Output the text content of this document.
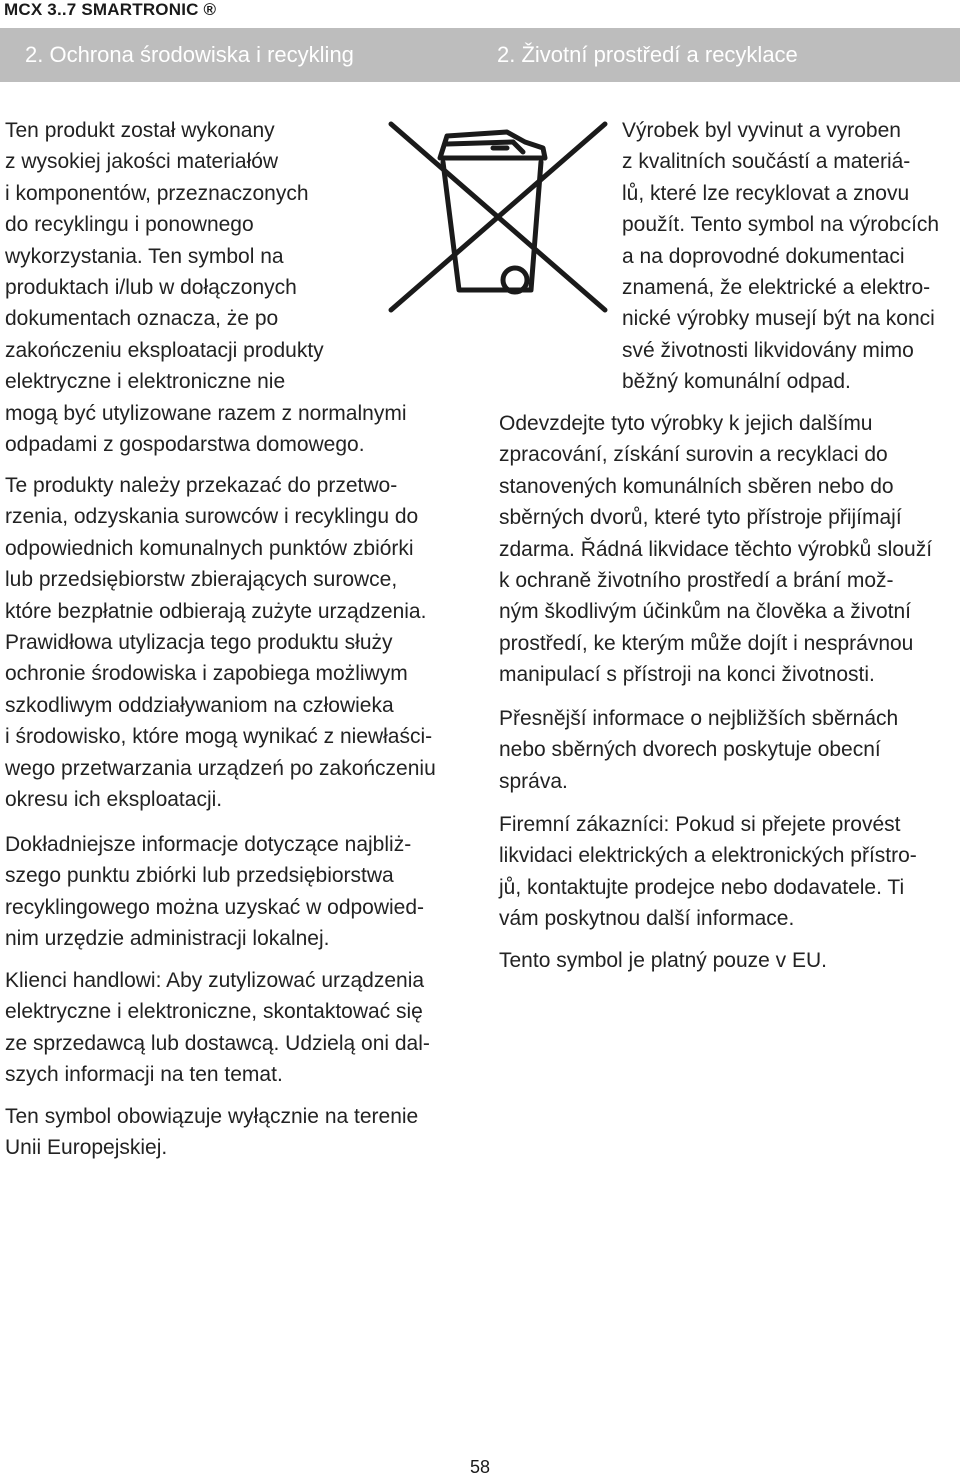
MCX 3..7 SMARTRONIC ®
2. Ochrona środowiska i recykling	2. Životní prostředí a recyklace

Ten produkt został wykonany
z wysokiej jakości materiałów
i komponentów, przeznaczonych
do recyklingu i ponownego
wykorzystania. Ten symbol na
produktach i/lub w dołączonych
dokumentach oznacza, że po
zakończeniu eksploatacji produkty
elektryczne i elektroniczne nie
mogą być utylizowane razem z normalnymi
odpadami z gospodarstwa domowego.

Te produkty należy przekazać do przetwo-
rzenia, odzyskania surowców i recyklingu do
odpowiednich komunalnych punktów zbiórki
lub przedsiębiorstw zbierających surowce,
które bezpłatnie odbierają zużyte urządzenia.
Prawidłowa utylizacja tego produktu służy
ochronie środowiska i zapobiega możliwym
szkodliwym oddziaływaniom na człowieka
i środowisko, które mogą wynikać z niewłaści-
wego przetwarzania urządzeń po zakończeniu
okresu ich eksploatacji.

Dokładniejsze informacje dotyczące najbliż-
szego punktu zbiórki lub przedsiębiorstwa
recyklingowego można uzyskać w odpowied-
nim urzędzie administracji lokalnej.

Klienci handlowi: Aby zutylizować urządzenia
elektryczne i elektroniczne, skontaktować się
ze sprzedawcą lub dostawcą. Udzielą oni dal-
szych informacji na ten temat.

Ten symbol obowiązuje wyłącznie na terenie
Unii Europejskiej.

Výrobek byl vyvinut a vyroben
z kvalitních součástí a materiá-
lů, které lze recyklovat a znovu
použít. Tento symbol na výrobcích
a na doprovodné dokumentaci
znamená, že elektrické a elektro-
nické výrobky musejí být na konci
své životnosti likvidovány mimo
běžný komunální odpad.

Odevzdejte tyto výrobky k jejich dalšímu
zpracování, získání surovin a recyklaci do
stanovených komunálních sběren nebo do
sběrných dvorů, které tyto přístroje přijímají
zdarma. Řádná likvidace těchto výrobků slouží
k ochraně životního prostředí a brání mož-
ným škodlivým účinkům na člověka a životní
prostředí, ke kterým může dojít i nesprávnou
manipulací s přístroji na konci životnosti.

Přesnější informace o nejbližších sběrnách
nebo sběrných dvorech poskytuje obecní
správа.

Firemní zákazníci: Pokud si přejete provést
likvidaci elektrických a elektronických přístro-
jů, kontaktujte prodejce nebo dodavatele. Ti
vám poskytnou další informace.

Tento symbol je platný pouze v EU.

58
